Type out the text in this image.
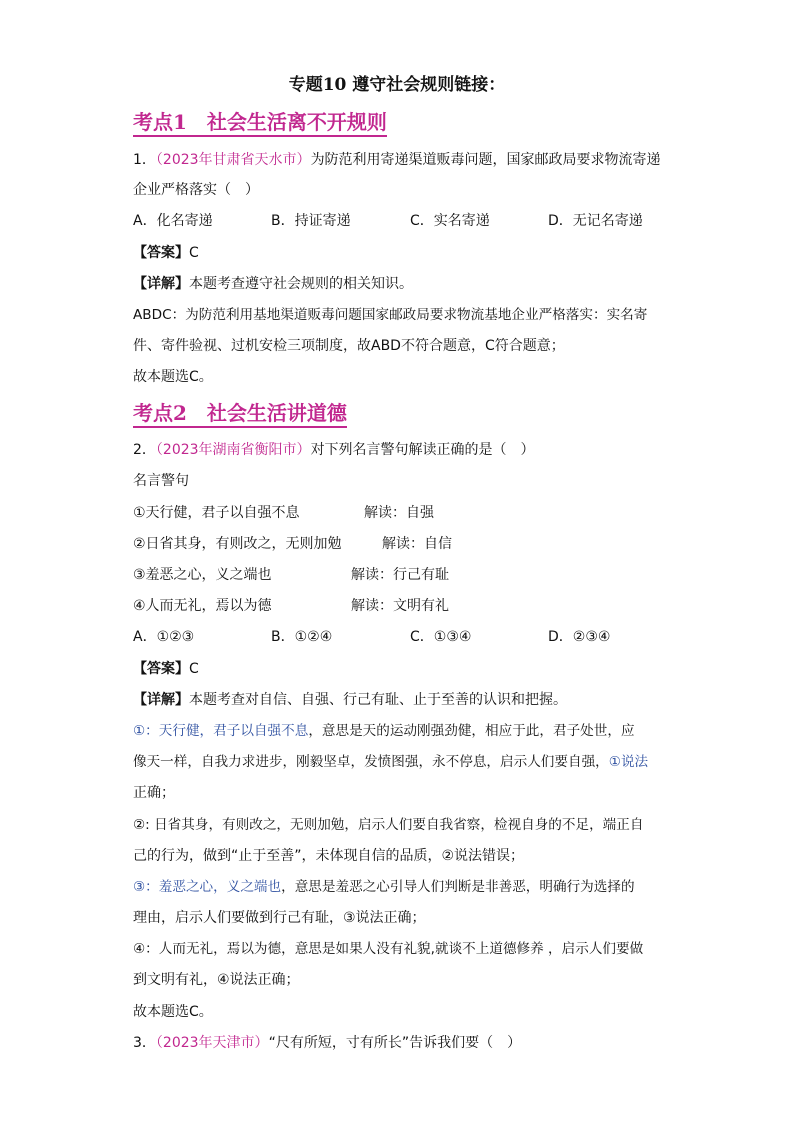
专题10 遵守社会规则链接：
考点1　社会生活离不开规则
1．（2023年甘肃省天水市）为防范利用寄递渠道贩毒问题，国家邮政局要求物流寄递
企业严格落实（　）
A．化名寄递	B．持证寄递	C．实名寄递	D．无记名寄递
【答案】C
【详解】本题考查遵守社会规则的相关知识。
ABDC：为防范利用基地渠道贩毒问题国家邮政局要求物流基地企业严格落实：实名寄
件、寄件验视、过机安检三项制度，故ABD不符合题意，C符合题意；
故本题选C。
考点2　社会生活讲道德
2．（2023年湖南省衡阳市）对下列名言警句解读正确的是（　）
名言警句
①天行健，君子以自强不息	解读：自强
②日省其身，有则改之，无则加勉	解读：自信
③羞恶之心，义之端也	解读：行己有耻
④人而无礼，焉以为德	解读：文明有礼
A．①②③	B．①②④	C．①③④	D．②③④
【答案】C
【详解】本题考查对自信、自强、行己有耻、止于至善的认识和把握。
①：天行健，君子以自强不息，意思是天的运动刚强劲健，相应于此，君子处世，应
像天一样，自我力求进步，刚毅坚卓，发愤图强，永不停息，启示人们要自强，①说法
正确；
②: 日省其身，有则改之，无则加勉，启示人们要自我省察，检视自身的不足，端正自
己的行为，做到“止于至善”，未体现自信的品质，②说法错误；
③：羞恶之心，义之端也，意思是羞恶之心引导人们判断是非善恶，明确行为选择的
理由，启示人们要做到行己有耻，③说法正确；
④：人而无礼，焉以为德，意思是如果人没有礼貌,就谈不上道德修养 ，启示人们要做
到文明有礼，④说法正确；
故本题选C。
3．（2023年天津市）“尺有所短，寸有所长”告诉我们要（　）
